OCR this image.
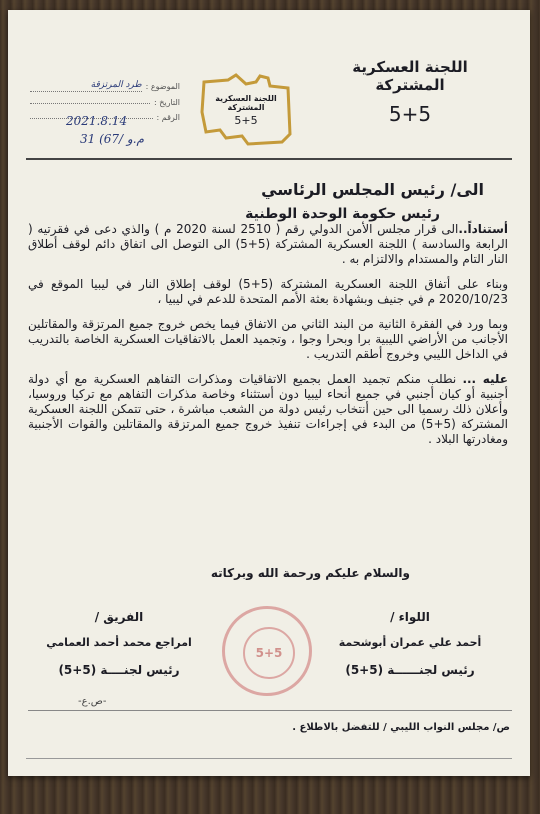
اللجنة العسكرية المشتركة
5+5
اللجنة العسكرية المشتركة
5+5
الموضوع :
طرد المرتزقة
التاريخ :
الرقم :
2021.8.14
31 (67/ م.و
الى/ رئيس المجلس الرئاسي
رئيس حكومة الوحدة الوطنية

أستناداً..الى قرار مجلس الأمن الدولي رقم ( 2510 لسنة 2020 م ) والذي دعى في فقرتيه ( الرابعة والسادسة ) اللجنة العسكرية المشتركة (5+5) الى التوصل الى اتفاق دائم لوقف أطلاق النار التام والمستدام والالتزام به .

وبناء على أتفاق اللجنة العسكرية المشتركة (5+5) لوقف إطلاق النار في ليبيا الموقع في 2020/10/23 م في جنيف وبشهادة بعثة الأمم المتحدة للدعم في ليبيا ،

وبما ورد في الفقرة الثانية من البند الثاني من الاتفاق فيما يخص خروج جميع المرتزقة والمقاتلين الأجانب من الأراضي الليبية برا وبحرا وجوا ، وتجميد العمل بالاتفاقيات العسكرية الخاصة بالتدريب في الداخل الليبي وخروج أطقم التدريب .

عليه ... نطلب منكم تجميد العمل بجميع الاتفاقيات ومذكرات التفاهم العسكرية مع أي دولة أجنبية أو كيان أجنبي في جميع أنحاء ليبيا دون أستثناء وخاصة مذكرات التفاهم مع تركيا وروسيا، وأعلان ذلك رسميا الى حين أنتخاب رئيس دولة من الشعب مباشرة ، حتى تتمكن اللجنة العسكرية المشتركة (5+5) من البدء في إجراءات تنفيذ خروج جميع المرتزقة والمقاتلين والقوات الأجنبية ومغادرتها البلاد .

والسلام عليكم ورحمة الله وبركاته
اللواء /
أحمد علي عمران أبوشحمة
رئيس لجنــــــة (5+5)
5+5
الفريق /
امراجع محمد أحمد العمامي
رئيس لجنــــة (5+5)
-ص.ع-
ص/ مجلس النواب الليبي / للتفضل بالاطلاع .
